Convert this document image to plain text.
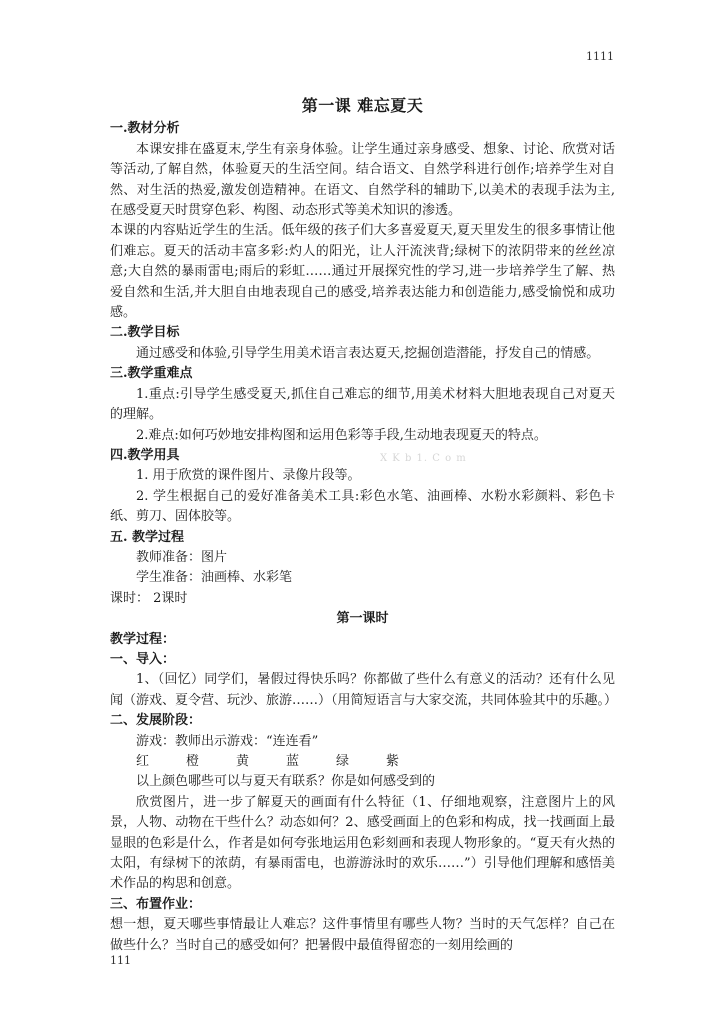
1111
X K b 1. C o m
第一课 难忘夏天
一.教材分析
本课安排在盛夏末,学生有亲身体验。让学生通过亲身感受、想象、讨论、欣赏对话等活动,了解自然，体验夏天的生活空间。结合语文、自然学科进行创作;培养学生对自然、对生活的热爱,激发创造精神。在语文、自然学科的辅助下,以美术的表现手法为主,在感受夏天时贯穿色彩、构图、动态形式等美术知识的渗透。
本课的内容贴近学生的生活。低年级的孩子们大多喜爱夏天,夏天里发生的很多事情让他们难忘。夏天的活动丰富多彩:灼人的阳光，让人汗流浃背;绿树下的浓阴带来的丝丝凉意;大自然的暴雨雷电;雨后的彩虹……通过开展探究性的学习,进一步培养学生了解、热爱自然和生活,并大胆自由地表现自己的感受,培养表达能力和创造能力,感受愉悦和成功感。
二.教学目标
通过感受和体验,引导学生用美术语言表达夏天,挖掘创造潜能，抒发自己的情感。
三.教学重难点
1.重点:引导学生感受夏天,抓住自己难忘的细节,用美术材料大胆地表现自己对夏天的理解。
2.难点:如何巧妙地安排构图和运用色彩等手段,生动地表现夏天的特点。
四.教学用具
1. 用于欣赏的课件图片、录像片段等。
2. 学生根据自己的爱好准备美术工具:彩色水笔、油画棒、水粉水彩颜料、彩色卡纸、剪刀、固体胶等。
五. 教学过程
教师准备：图片
学生准备：油画棒、水彩笔
课时： 2课时
第一课时
教学过程：
一、导入：
1、（回忆）同学们，暑假过得快乐吗？你都做了些什么有意义的活动？还有什么见闻（游戏、夏令营、玩沙、旅游……）（用简短语言与大家交流，共同体验其中的乐趣。）
二、发展阶段：
游戏：教师出示游戏：“连连看”
红	橙	黄	蓝	绿	紫
以上颜色哪些可以与夏天有联系？你是如何感受到的
欣赏图片，进一步了解夏天的画面有什么特征（1、仔细地观察，注意图片上的风景，人物、动物在干些什么？动态如何？2、感受画面上的色彩和构成，找一找画面上最显眼的色彩是什么，作者是如何夸张地运用色彩刻画和表现人物形象的。“夏天有火热的太阳，有绿树下的浓荫，有暴雨雷电，也游游泳时的欢乐……”）引导他们理解和感悟美术作品的构思和创意。
三、布置作业：
想一想，夏天哪些事情最让人难忘？这件事情里有哪些人物？当时的天气怎样？自己在做些什么？当时自己的感受如何？把暑假中最值得留恋的一刻用绘画的
111
